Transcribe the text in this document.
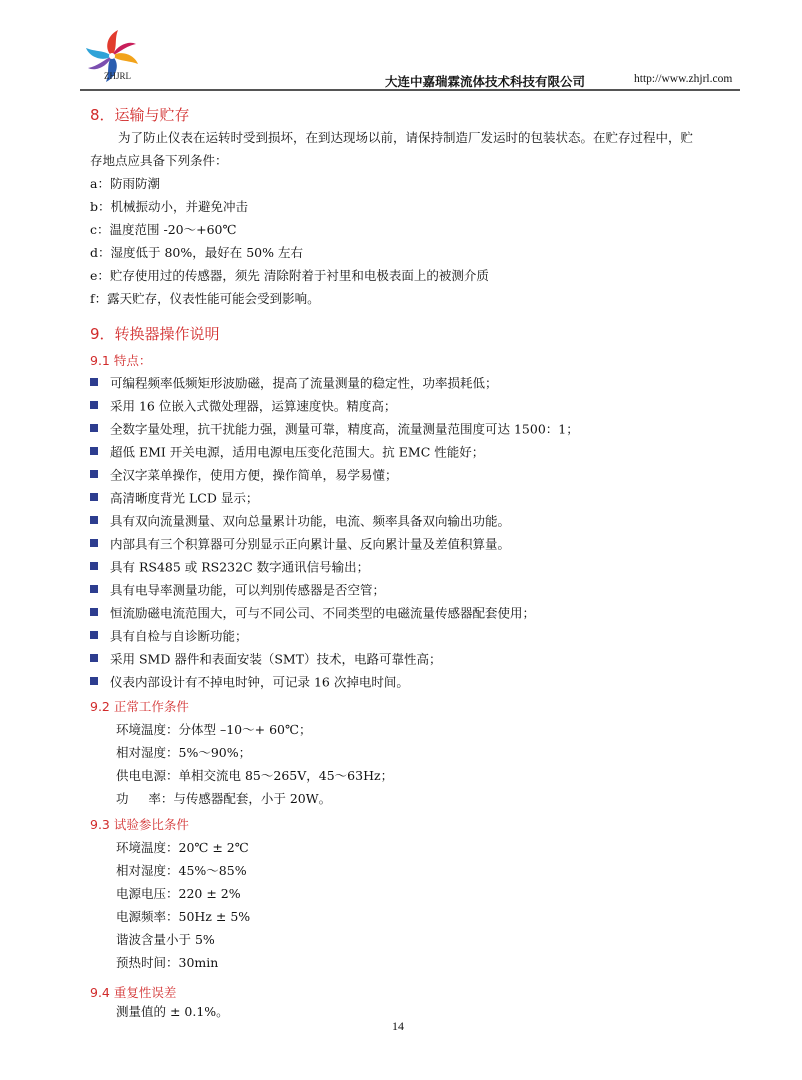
ZHJRL	大连中嘉瑞霖流体技术科技有限公司	http://www.zhjrl.com
8．运输与贮存
为了防止仪表在运转时受到损坏，在到达现场以前，请保持制造厂发运时的包装状态。在贮存过程中，贮
存地点应具备下列条件：
a：防雨防潮
b：机械振动小，并避免冲击
c：温度范围 -20～+60℃
d：湿度低于 80%，最好在 50% 左右
e：贮存使用过的传感器，须先 清除附着于衬里和电极表面上的被测介质
f：露天贮存，仪表性能可能会受到影响。
9．转换器操作说明
9.1 特点：
可编程频率低频矩形波励磁，提高了流量测量的稳定性，功率损耗低；
采用 16 位嵌入式微处理器，运算速度快。精度高；
全数字量处理，抗干扰能力强，测量可靠，精度高，流量测量范围度可达 1500：1；
超低 EMI 开关电源，适用电源电压变化范围大。抗 EMC 性能好；
全汉字菜单操作，使用方便，操作简单，易学易懂；
高清晰度背光 LCD 显示；
具有双向流量测量、双向总量累计功能，电流、频率具备双向输出功能。
内部具有三个积算器可分别显示正向累计量、反向累计量及差值积算量。
具有 RS485 或 RS232C 数字通讯信号输出；
具有电导率测量功能，可以判别传感器是否空管；
恒流励磁电流范围大，可与不同公司、不同类型的电磁流量传感器配套使用；
具有自检与自诊断功能；
采用 SMD 器件和表面安装（SMT）技术，电路可靠性高；
仪表内部设计有不掉电时钟，可记录 16 次掉电时间。
9.2 正常工作条件
环境温度：分体型 –10～+ 60℃；
相对湿度：5%～90%；
供电电源：单相交流电 85～265V，45～63Hz；
功     率：与传感器配套，小于 20W。
9.3 试验参比条件
环境温度：20℃ ± 2℃
相对湿度：45%～85%
电源电压：220 ± 2%
电源频率：50Hz ± 5%
谐波含量小于 5%
预热时间：30min
9.4 重复性误差
测量值的 ± 0.1%。
14
